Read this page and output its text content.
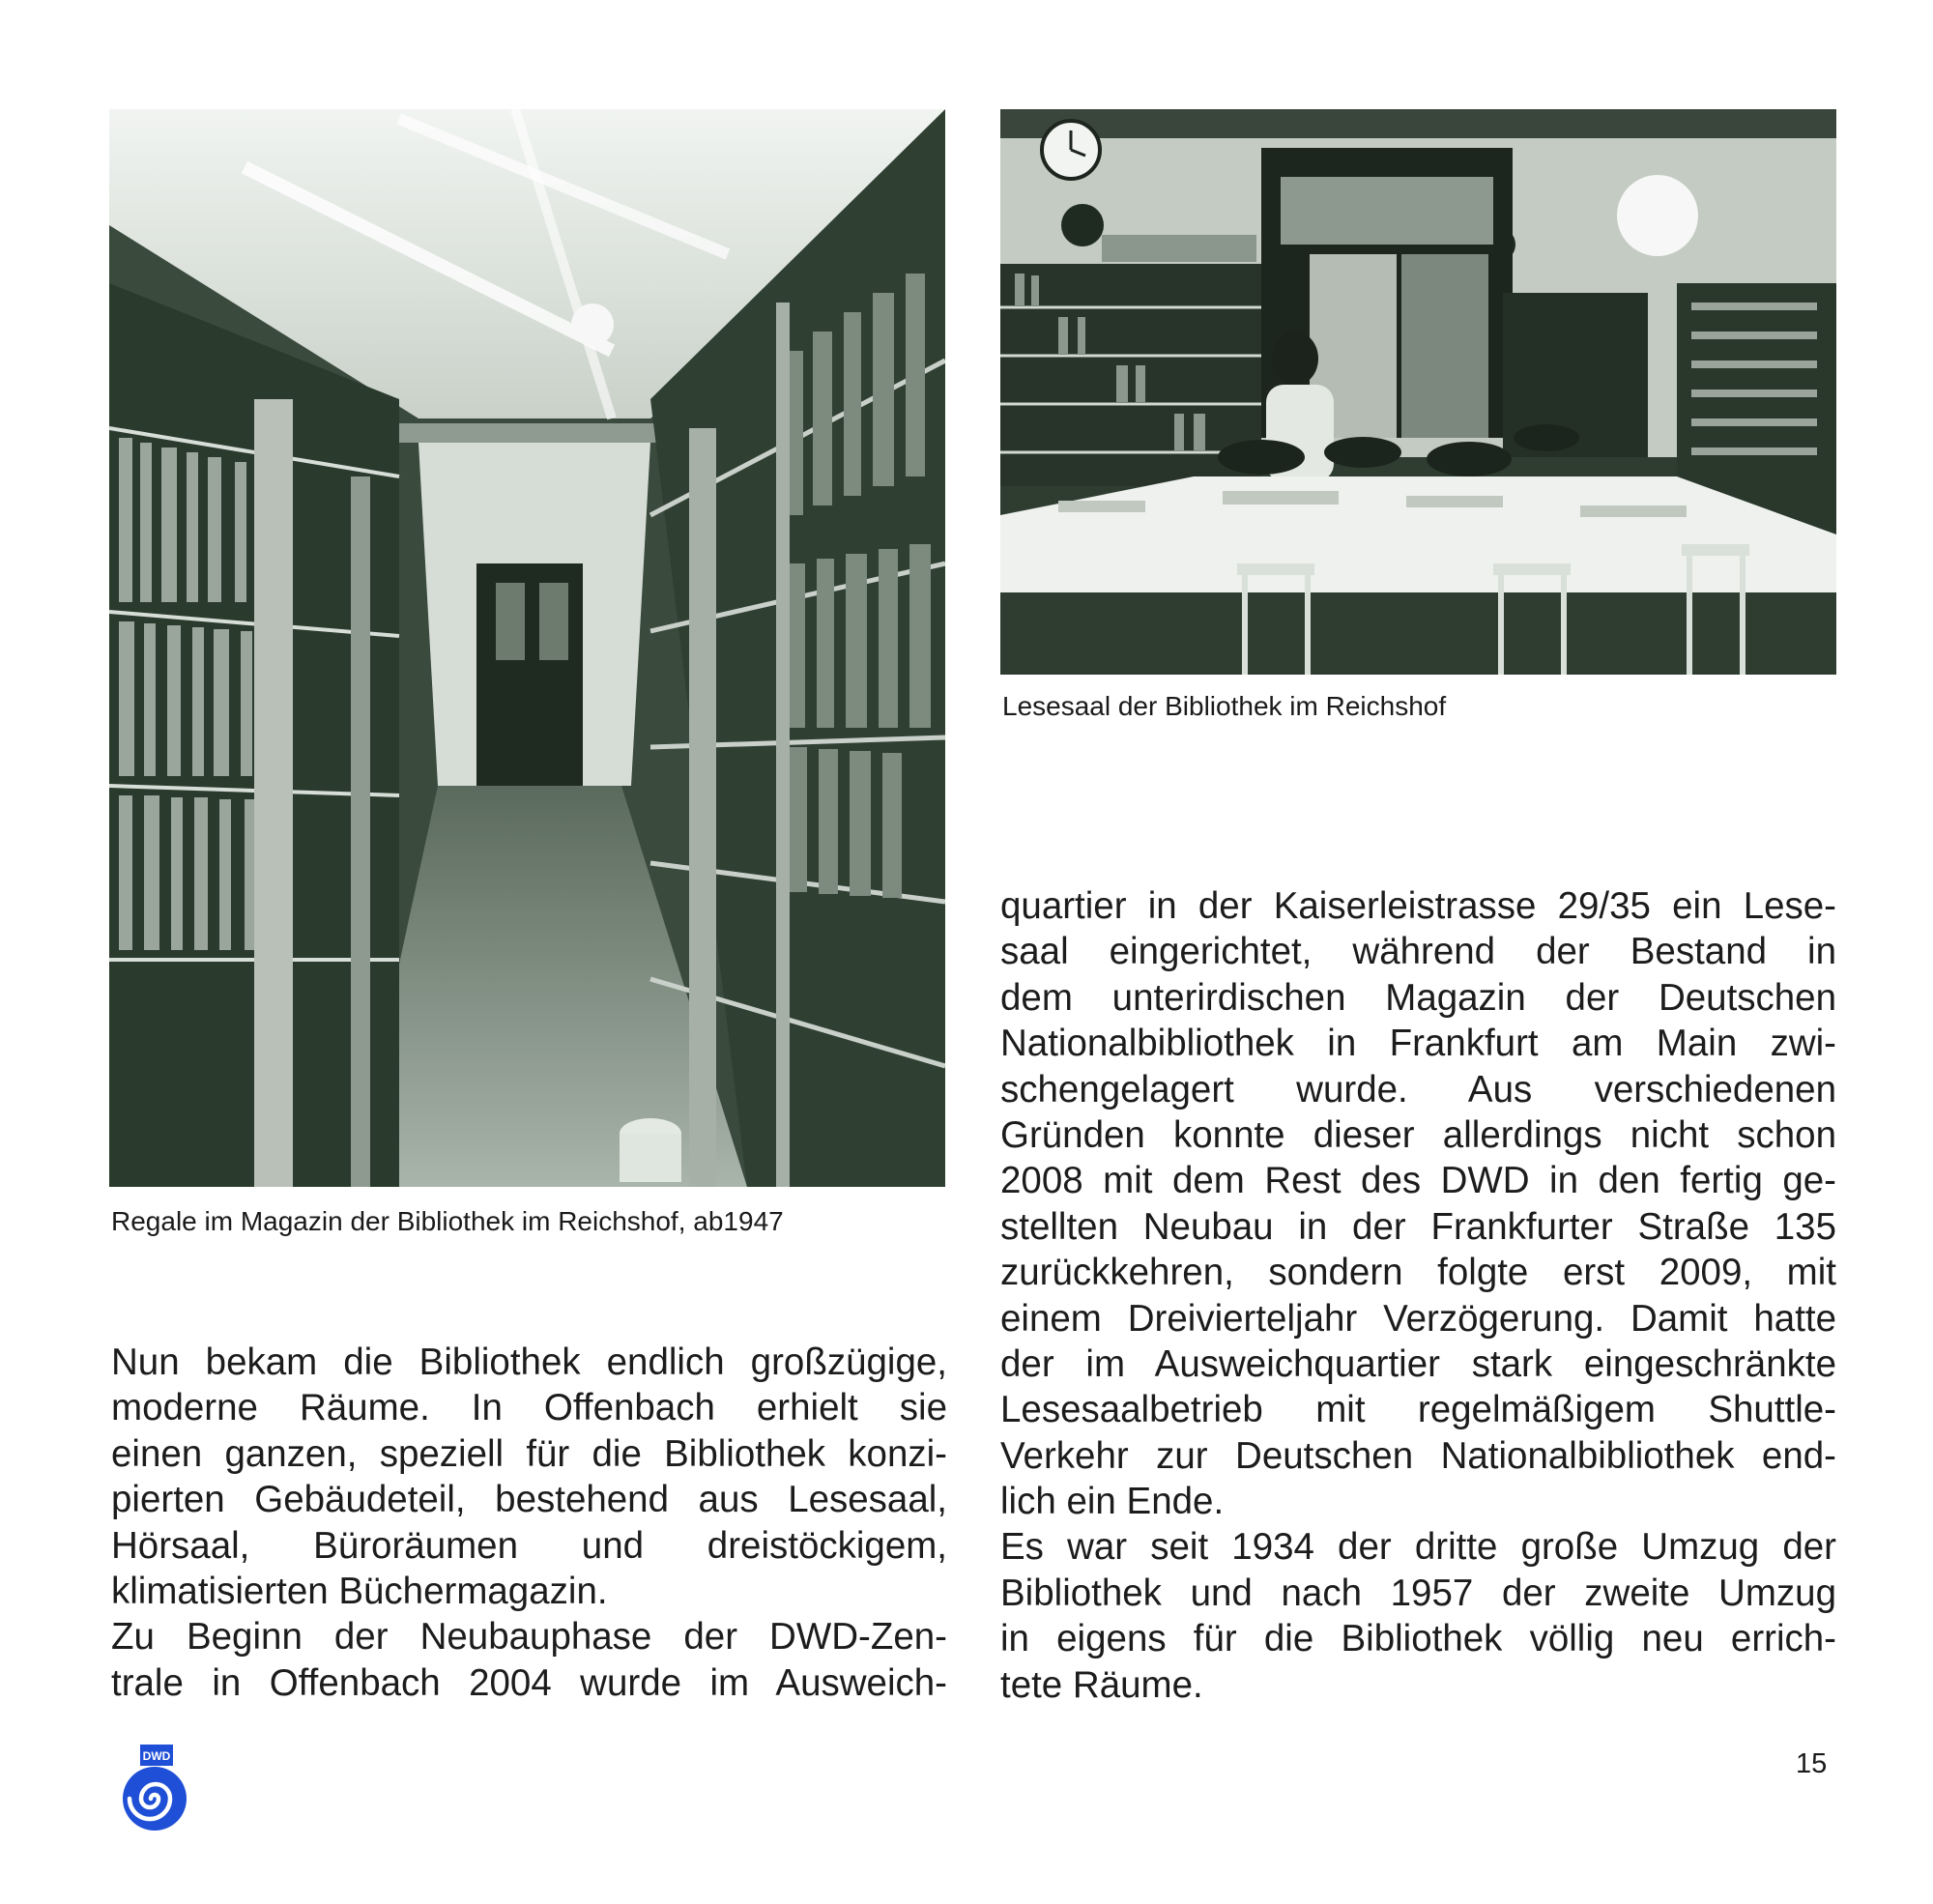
Regale im Magazin der Bibliothek im Reichshof, ab1947
Lesesaal der Bibliothek im Reichshof
Nun bekam die Bibliothek endlich großzügige,
moderne Räume. In Offenbach erhielt sie
einen ganzen, speziell für die Bibliothek konzi-
pierten Gebäudeteil, bestehend aus Lesesaal,
Hörsaal, Büroräumen und dreistöckigem,
klimatisierten Büchermagazin.
Zu Beginn der Neubauphase der DWD-Zen-
trale in Offenbach 2004 wurde im Ausweich-
quartier in der Kaiserleistrasse 29/35 ein Lese-
saal eingerichtet, während der Bestand in
dem unterirdischen Magazin der Deutschen
Nationalbibliothek in Frankfurt am Main zwi-
schengelagert wurde. Aus verschiedenen
Gründen konnte dieser allerdings nicht schon
2008 mit dem Rest des DWD in den fertig ge-
stellten Neubau in der Frankfurter Straße 135
zurückkehren, sondern folgte erst 2009, mit
einem Dreivierteljahr Verzögerung. Damit hatte
der im Ausweichquartier stark eingeschränkte
Lesesaalbetrieb mit regelmäßigem Shuttle-
Verkehr zur Deutschen Nationalbibliothek end-
lich ein Ende.
Es war seit 1934 der dritte große Umzug der
Bibliothek und nach 1957 der zweite Umzug
in eigens für die Bibliothek völlig neu errich-
tete Räume.
DWD	15
